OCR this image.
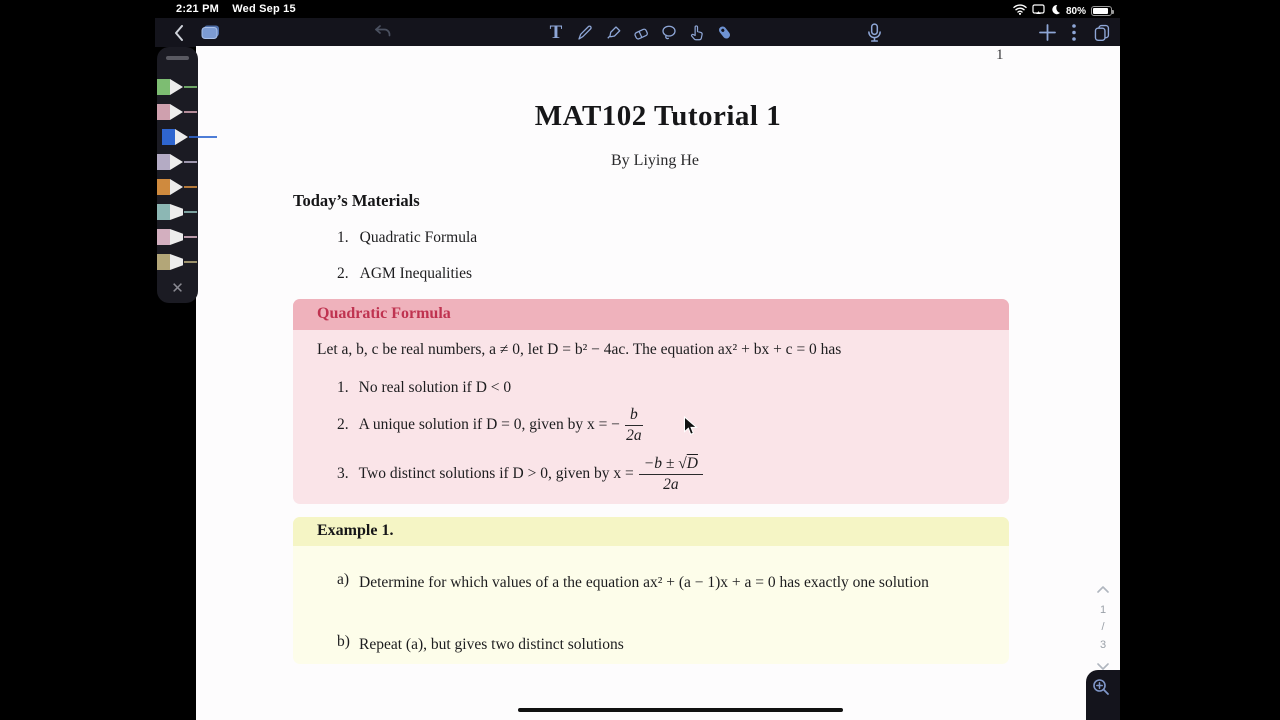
2:21 PM Wed Sep 15	80%
T
1
MAT102 Tutorial 1
By Liying He
Today’s Materials
1. Quadratic Formula
2. AGM Inequalities
Quadratic Formula
Let a, b, c be real numbers, a ≠ 0, let D = b² − 4ac. The equation ax² + bx + c = 0 has
1. No real solution if D < 0
2. A unique solution if D = 0, given by x = − $\frac{b}{2a}$
3. Two distinct solutions if D > 0, given by $x = \frac{-b \pm √D}{2a}$
Example 1.
a) Determine for which values of a the equation ax² + (a − 1)x + a = 0 has exactly one solution
b) Repeat (a), but gives two distinct solutions
1
/
3
✕
